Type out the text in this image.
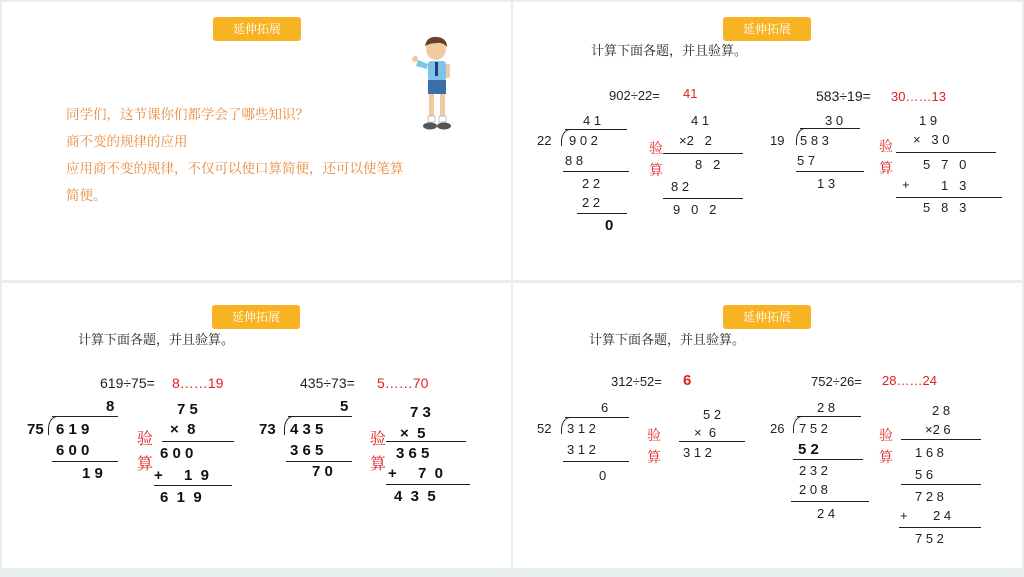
延伸拓展
同学们，这节课你们都学会了哪些知识？
商不变的规律的应用
应用商不变的规律，不仅可以使口算简便，还可以使笔算
简便。
延伸拓展
计算下面各题，并且验算。
902÷22= 41	583÷19= 30……13
4 1
22 9 0 2
8 8
2 2
2 2
0
验
算
4 1
×2   2
8   2
8 2
9   0   2
3 0
19 5 8 3
5 7
1 3
验
算
1 9
×   3 0
5   7   0
+ 1   3
5   8   3
延伸拓展
计算下面各题，并且验算。
619÷75= 8……19	435÷73= 5……70
8
75 6 1 9
6 0 0
1 9
验
算
7 5
×  8
6 0 0
+ 1  9
6  1  9
5
73 4 3 5
3 6 5
7 0
验
算
7 3
×  5
3 6 5
+ 7  0
4  3  5
延伸拓展
计算下面各题，并且验算。
312÷52= 6	752÷26= 28……24
6
52 3 1 2
3 1 2
0
验
算
5 2
×  6
3 1 2
2 8
26 7 5 2
5 2
2 3 2
2 0 8
2 4
验
算
2 8
×2 6
1 6 8
5 6
7 2 8
+ 2 4
7 5 2
